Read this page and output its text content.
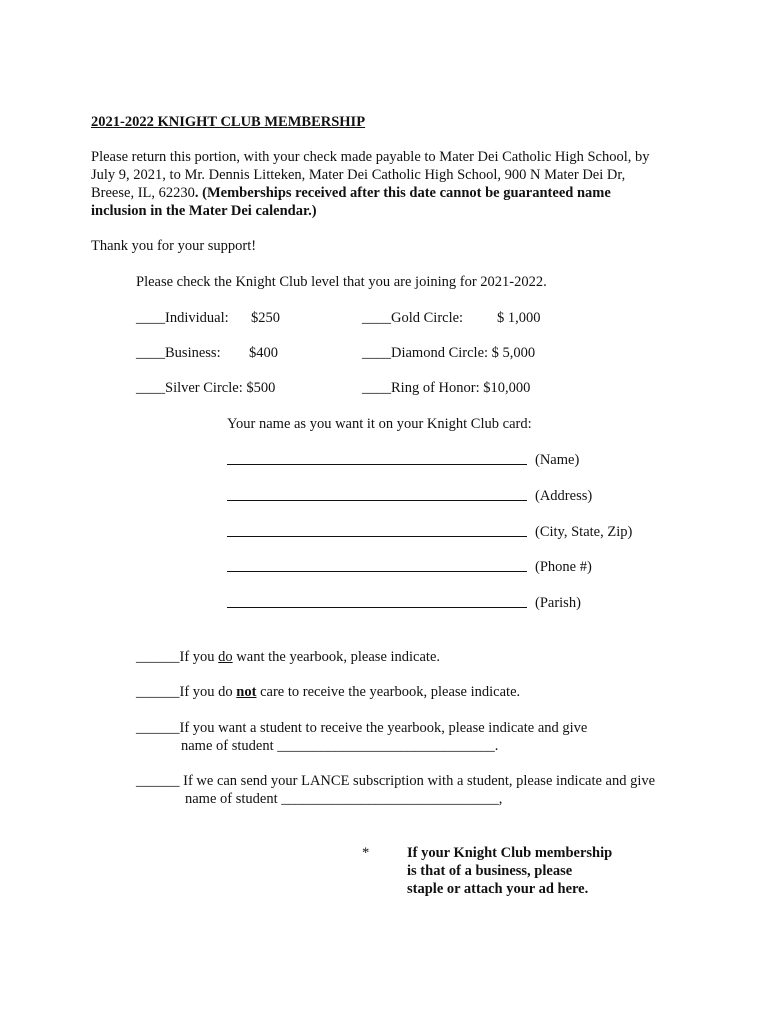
2021-2022 KNIGHT CLUB MEMBERSHIP
Please return this portion, with your check made payable to Mater Dei Catholic High School, by
July 9, 2021, to Mr. Dennis Litteken, Mater Dei Catholic High School, 900 N Mater Dei Dr,
Breese, IL, 62230. (Memberships received after this date cannot be guaranteed name
inclusion in the Mater Dei calendar.)
Thank you for your support!
Please check the Knight Club level that you are joining for 2021-2022.
____Individual: $250	____Gold Circle: $ 1,000
____Business: $400	____Diamond Circle: $ 5,000
____Silver Circle: $500	____Ring of Honor: $10,000
Your name as you want it on your Knight Club card:
(Name)
(Address)
(City, State, Zip)
(Phone #)
(Parish)
______If you do want the yearbook, please indicate.
______If you do not care to receive the yearbook, please indicate.
______If you want a student to receive the yearbook, please indicate and give
name of student ______________________________.
______ If we can send your LANCE subscription with a student, please indicate and give
name of student ______________________________,
*	If your Knight Club membership
is that of a business, please
staple or attach your ad here.
